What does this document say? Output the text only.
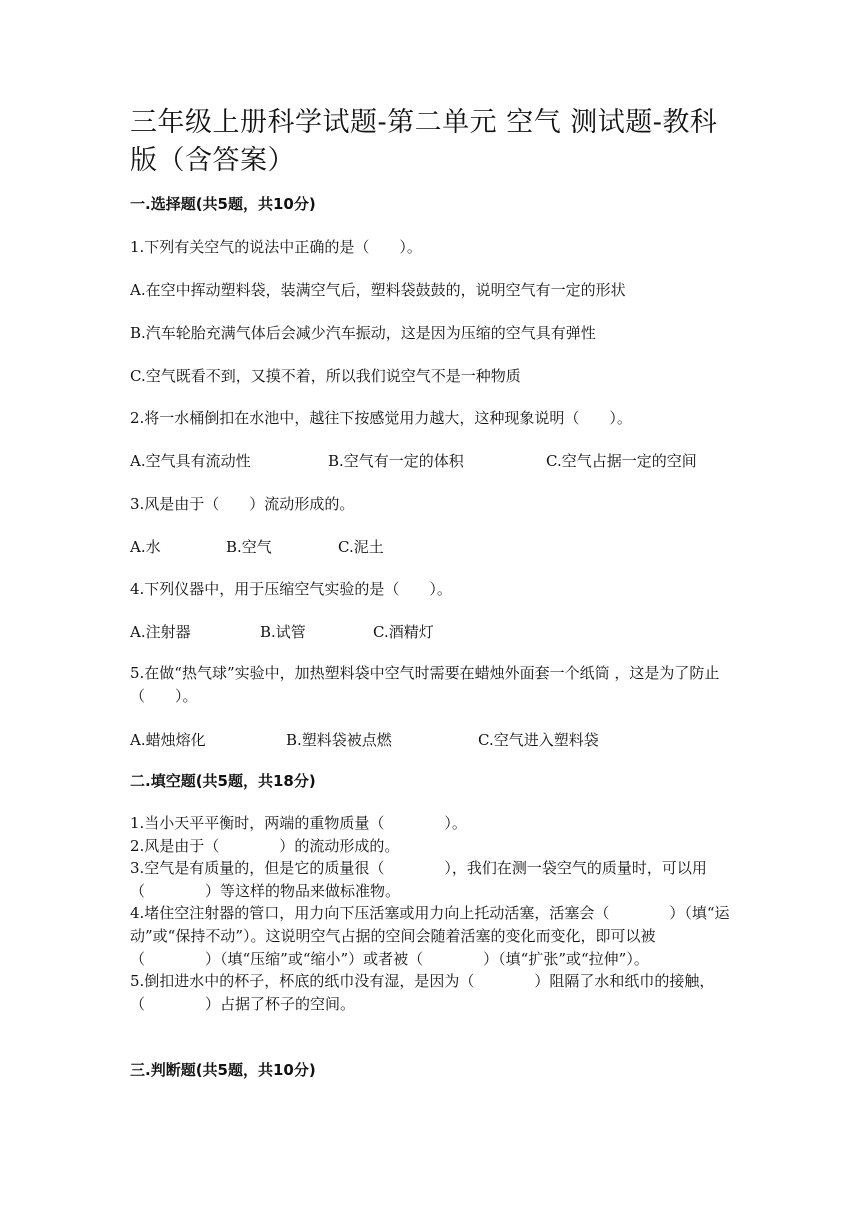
三年级上册科学试题-第二单元 空气 测试题-教科版（含答案）
一.选择题(共5题，共10分)
1.下列有关空气的说法中正确的是（　　）。
A.在空中挥动塑料袋，装满空气后，塑料袋鼓鼓的，说明空气有一定的形状
B.汽车轮胎充满气体后会减少汽车振动，这是因为压缩的空气具有弹性
C.空气既看不到，又摸不着，所以我们说空气不是一种物质
2.将一水桶倒扣在水池中，越往下按感觉用力越大，这种现象说明（　　）。
A.空气具有流动性	B.空气有一定的体积	C.空气占据一定的空间
3.风是由于（　　）流动形成的。
A.水	B.空气	C.泥土
4.下列仪器中，用于压缩空气实验的是（　　）。
A.注射器	B.试管	C.酒精灯
5.在做“热气球”实验中，加热塑料袋中空气时需要在蜡烛外面套一个纸筒 ，这是为了防止（　　）。
A.蜡烛熔化	B.塑料袋被点燃	C.空气进入塑料袋
二.填空题(共5题，共18分)
1.当小天平平衡时，两端的重物质量（　　　　）。
2.风是由于（　　　　）的流动形成的。
3.空气是有质量的，但是它的质量很（　　　　），我们在测一袋空气的质量时，可以用（　　　　）等这样的物品来做标准物。
4.堵住空注射器的管口，用力向下压活塞或用力向上托动活塞，活塞会（　　　　）（填“运动”或“保持不动”）。这说明空气占据的空间会随着活塞的变化而变化，即可以被（　　　　）（填“压缩”或“缩小”）或者被（　　　　）（填“扩张”或“拉伸”）。
5.倒扣进水中的杯子，杯底的纸巾没有湿，是因为（　　　　）阻隔了水和纸巾的接触，（　　　　）占据了杯子的空间。
三.判断题(共5题，共10分)
